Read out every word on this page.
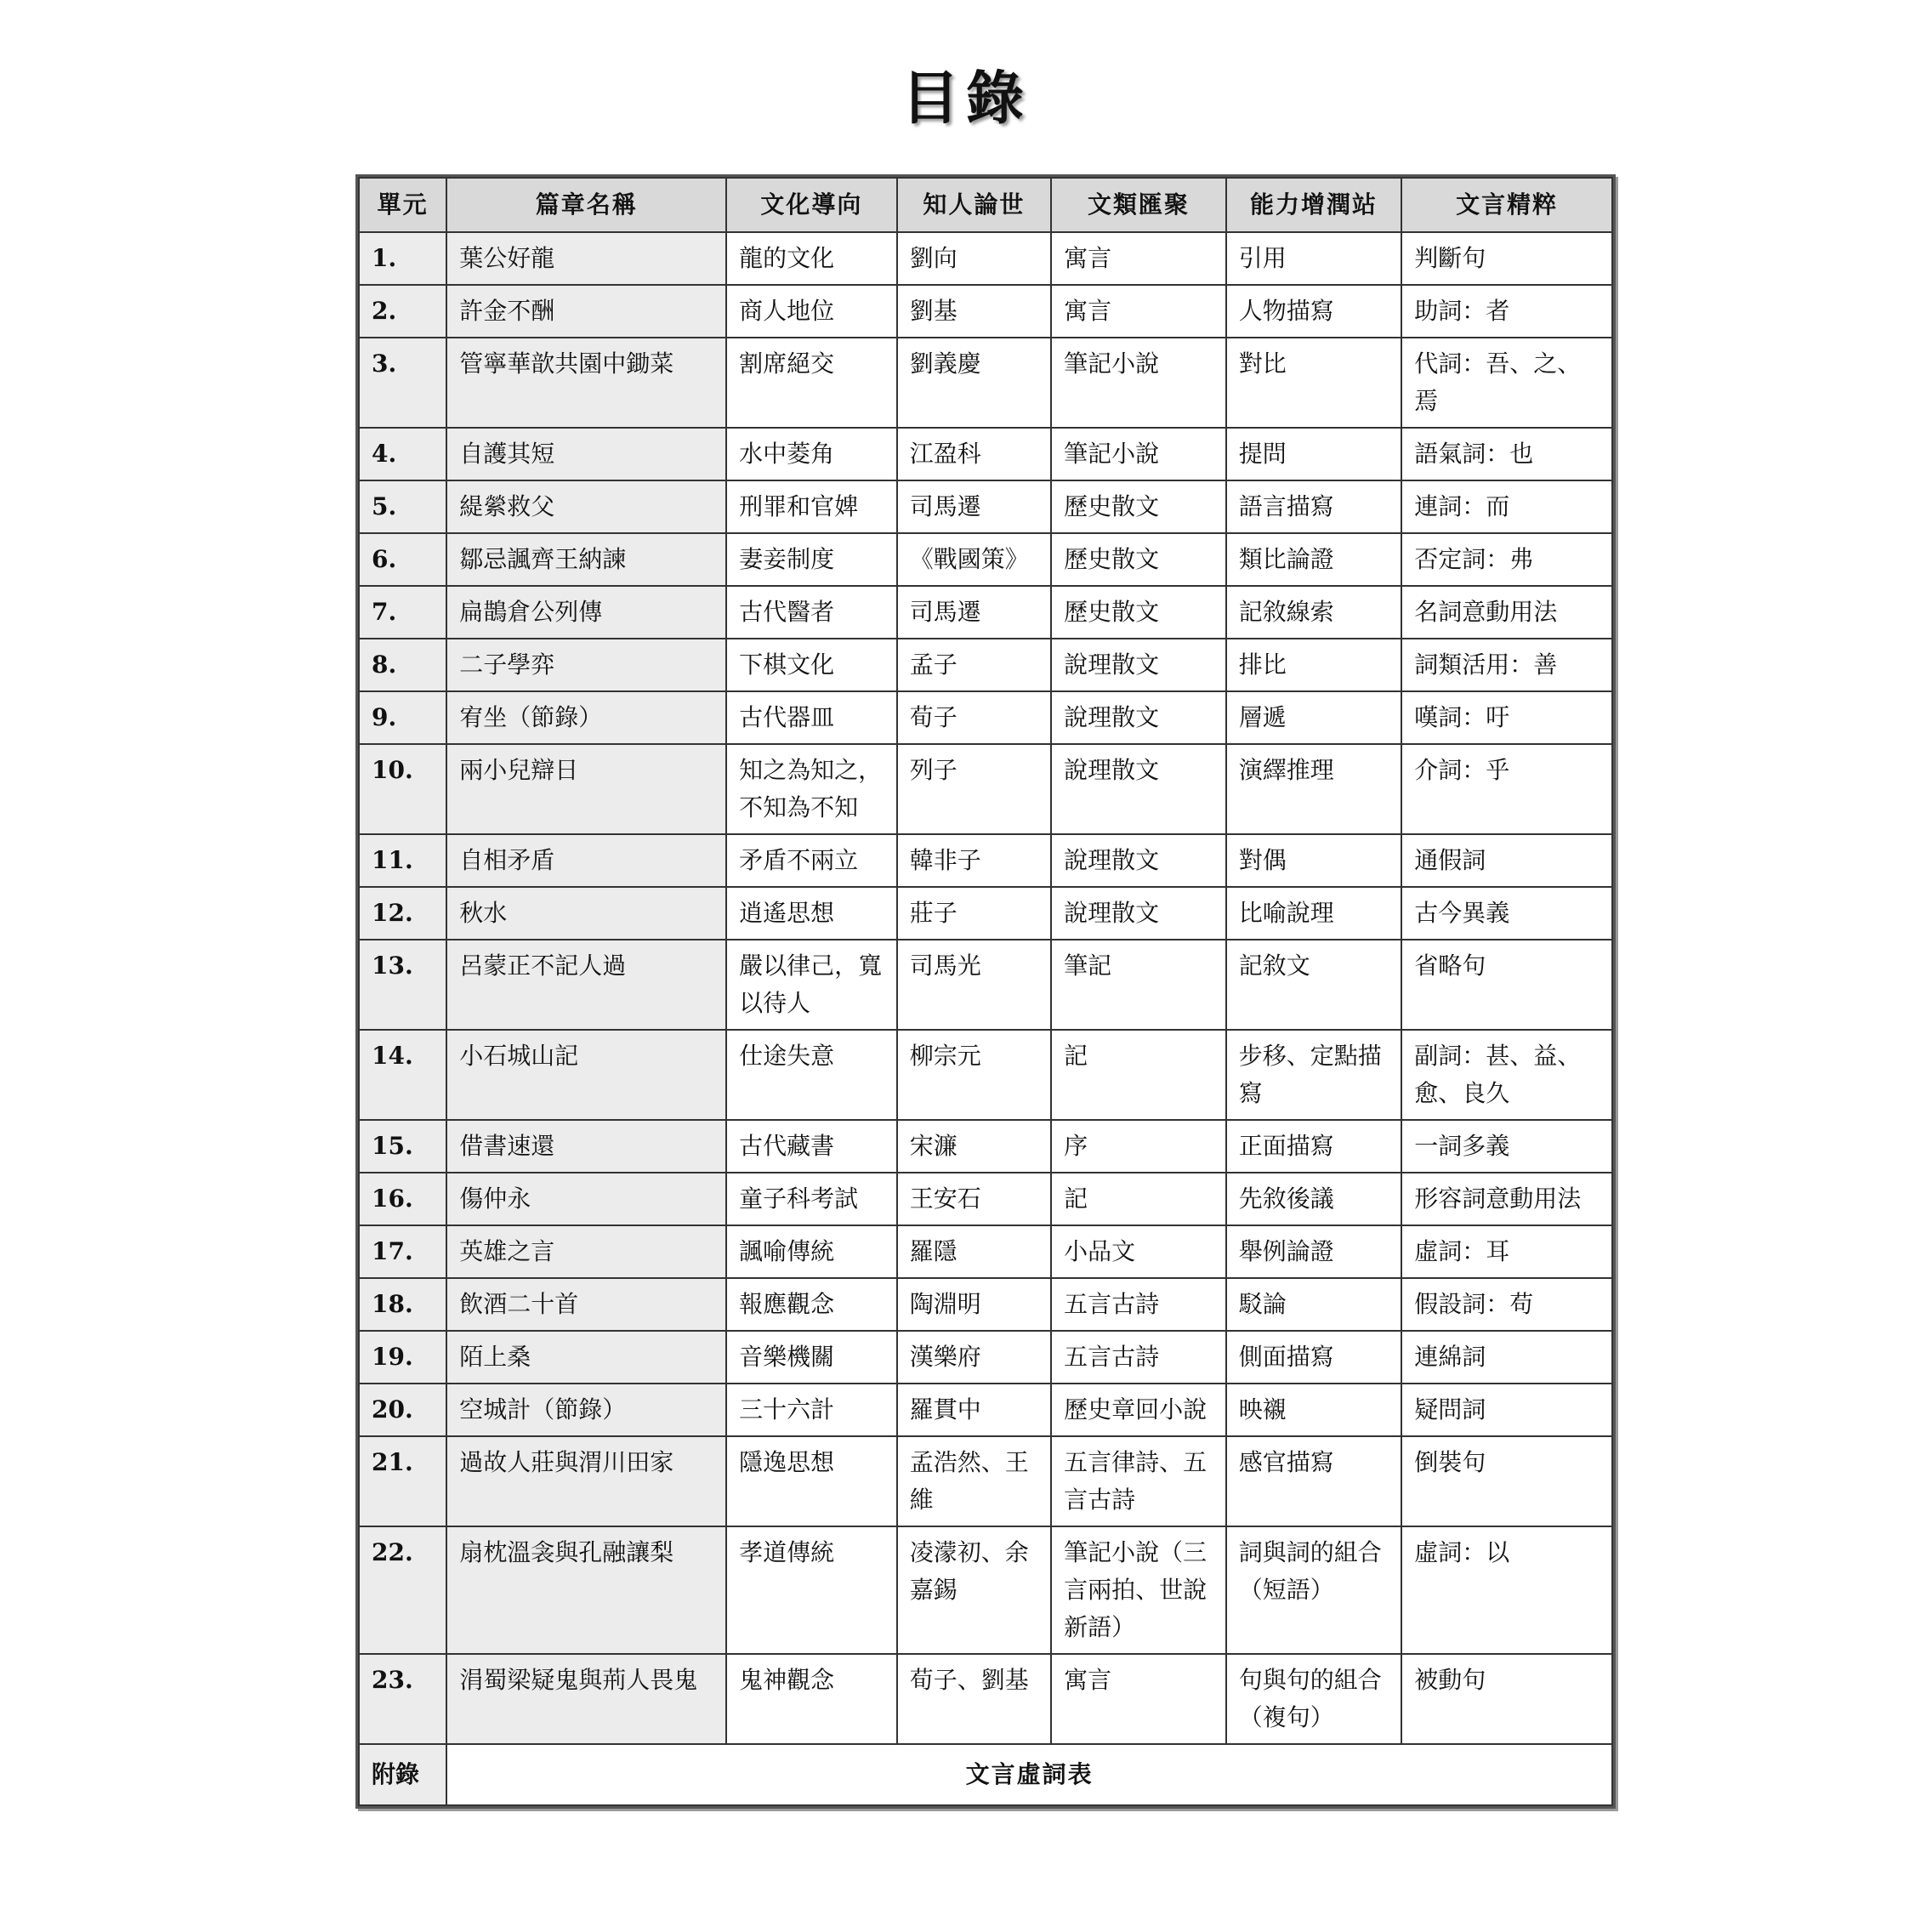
目錄
單元	篇章名稱	文化導向	知人論世	文類匯聚	能力增潤站	文言精粹
1.	葉公好龍	龍的文化	劉向	寓言	引用	判斷句
2.	許金不酬	商人地位	劉基	寓言	人物描寫	助詞：者
3.	管寧華歆共園中鋤菜	割席絕交	劉義慶	筆記小說	對比	代詞：吾、之、焉
4.	自護其短	水中菱角	江盈科	筆記小說	提問	語氣詞：也
5.	緹縈救父	刑罪和官婢	司馬遷	歷史散文	語言描寫	連詞：而
6.	鄒忌諷齊王納諫	妻妾制度	《戰國策》	歷史散文	類比論證	否定詞：弗
7.	扁鵲倉公列傳	古代醫者	司馬遷	歷史散文	記敘線索	名詞意動用法
8.	二子學弈	下棋文化	孟子	說理散文	排比	詞類活用：善
9.	宥坐（節錄）	古代器皿	荀子	說理散文	層遞	嘆詞：吁
10.	兩小兒辯日	知之為知之，不知為不知	列子	說理散文	演繹推理	介詞：乎
11.	自相矛盾	矛盾不兩立	韓非子	說理散文	對偶	通假詞
12.	秋水	逍遙思想	莊子	說理散文	比喻說理	古今異義
13.	呂蒙正不記人過	嚴以律己，寬以待人	司馬光	筆記	記敘文	省略句
14.	小石城山記	仕途失意	柳宗元	記	步移、定點描寫	副詞：甚、益、愈、良久
15.	借書速還	古代藏書	宋濂	序	正面描寫	一詞多義
16.	傷仲永	童子科考試	王安石	記	先敘後議	形容詞意動用法
17.	英雄之言	諷喻傳統	羅隱	小品文	舉例論證	虛詞：耳
18.	飲酒二十首	報應觀念	陶淵明	五言古詩	駁論	假設詞：苟
19.	陌上桑	音樂機關	漢樂府	五言古詩	側面描寫	連綿詞
20.	空城計（節錄）	三十六計	羅貫中	歷史章回小說	映襯	疑問詞
21.	過故人莊與渭川田家	隱逸思想	孟浩然、王維	五言律詩、五言古詩	感官描寫	倒裝句
22.	扇枕溫衾與孔融讓梨	孝道傳統	凌濛初、余嘉錫	筆記小說（三言兩拍、世說新語）	詞與詞的組合（短語）	虛詞：以
23.	涓蜀梁疑鬼與荊人畏鬼	鬼神觀念	荀子、劉基	寓言	句與句的組合（複句）	被動句
附錄	文言虛詞表					
